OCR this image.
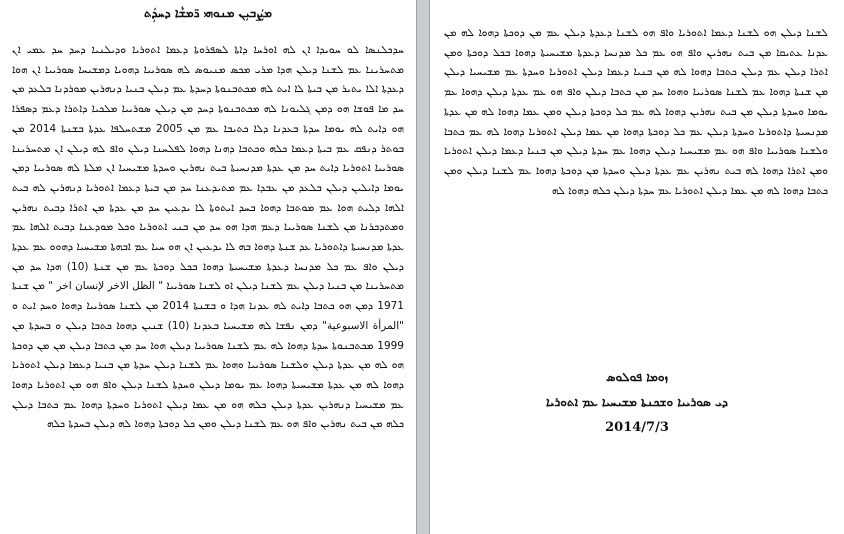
ܡܨܲܒܝܼܢ ܡܢܘܗܝ ܪ̈ܡܫܵܐ ܕܚܕܲܬ

ܚܕܟܠܢܣܐ ܠܘ ܚܘܝܕܐ ܐܢ ܠܗ ܐܘܪܚܐ ܕܐܬܐ ܠܣܦܪܘܬܐ ܕܥܡܐ ܐܬܘܪܝܐ ܘܕܝܠܢܝܐ ܕܚܕ ܚܕ ܥܡܝ ܐܢ ܡܬܚܪܝܢܐ ܥܡ ܠܫܢܐ ܕܝܠܢ ܗܕܐ ܡܪܝ ܡܟܣ ܡܢܝܘܣ ܠܗ ܣܘܪܝܝܐ ܕܗܘܝܐ ܕܡܫܝܚܐ ܣܘܪܝܝܐ ܐܢ ܗܘܐ ܕܥܕܬܐ ܐܠܐ ܝܬܝܪ ܡܢ ܒܝܬܐ ܠܐ ܐܝܬ ܠܗ ܡܟܬܒܢܘܬܐ ܕܚܕܬܐ ܥܡ ܕܝܠܢ ܒܢܝܐ ܕܢܗܪܝܢ ܡܘܪܕܢܐ ܒܠܥܕ ܡܢ ܚܕ ܡܐ ܦܘܫܐ ܗܘ ܕܡܢ ܓܠܝܘܢܐ ܠܗ ܡܟܬܒܢܘܬܐ ܕܚܕ ܡܢ ܕܝܠܢ ܣܘܪܝܝܐ ܡܠܟܝܐ ܕܐܬܪܐ ܕܥܡ ܕܣܦܪܐ ܗܘ ܕܐܝܬ ܠܗ ܝܘܡܐ ܚܕܬܐ ܒܥܕܢܐ ܕܠܐ ܟܬܝܒܐ ܥܡ ܡܢ 2005 ܡܫܬܚܠܦܐ ܥܕܬܐ ܒܫܢܬܐ 2014 ܡܢ ܒܘܬܪ ܕܢܦܩ ܥܡ ܒܝܬܐ ܕܥܡܐ ܟܠܗ ܘܟܬܒܐ ܕܗܢܐ ܕܗܘܐ ܠܦܠܚܢܐ ܕܝܠܢ ܘܐܦ ܠܗ ܕܝܠܢ ܐܢ ܡܬܚܪܝܢܐ ܣܘܪܝܝܐ ܐܬܘܪܝܐ ܕܐܝܬ ܚܕ ܡܢ ܥܕܬܐ ܡܕܢܚܝܬܐ ܒܝܬ ܢܗܪܝܢ ܘܚܕܬܐ ܡܫܝܚܝܐ ܐܢ ܡܠܬܐ ܠܗ ܣܘܪܝܝܐ ܕܡܢ ܝܘܡܐ ܕܐܝܠܝܢ ܕܝܠܢ ܒܠܥܕ ܡܢ ܥܒܕܐ ܥܡ ܡܬܝܕܥܢܐ ܚܕ ܡܢ ܒܝܬܐ ܕܥܡܐ ܐܬܘܪܝܐ ܕܢܗܪܝܢ ܠܗ ܒܝܬ ܐܠܗܐ ܕܠܝܬ ܗܘܐ ܥܡ ܡܘܬܒܐ ܕܗܘܐ ܒܚܕ ܐܝܬܘܬܐ ܠܐ ܝܕܥܝܢ ܚܕ ܡܢ ܥܕܬܐ ܡܢ ܐܬܪܐ ܕܒܝܬ ܢܗܪܝܢ ܘܡܬܕܟܪܢܐ ܡܢ ܠܫܢܐ ܣܘܪܝܝܐ ܕܥܡ ܗܕܐ ܗܘ ܚܕ ܡܢ ܒܢܝ ܐܬܘܪܝܐ ܘܟܠ ܡܘܕܥܢܐ ܕܒܝܬ ܐܠܗܐ ܥܡ ܥܕܬܐ ܡܕܢܚܝܬܐ ܕܐܬܘܪܝܐ ܥܕ ܫܢܬܐ ܕܗܘܐ ܒܗ ܠܐ ܝܕܥܝܢ ܐܢ ܗܘ ܚܝܐ ܥܡ ܐܒܗܬܐ ܡܫܝܚܝܐ ܕܗܘܘ ܥܡ ܥܕܬܐ ܕܝܠܢ ܘܐܦ ܥܡ ܟܠ ܡܕܢܚܐ ܕܥܕܬܐ ܡܫܝܚܝܬܐ ܕܗܘܐ ܒܟܠ ܕܘܟܬܐ ܥܡ ܡܢ ܫܢܬܐ (10) ܗܕܐ ܚܕ ܡܢ ܡܬܚܪܝܢܐ ܡܢ ܒܢܝܐ ܕܝܠܢ ܥܡ ܠܫܢܐ ܕܝܠܢ ܐܘ ܠܫܢܐ ܣܘܪܝܝܐ " الظل الاخر لإنسان اخر " ܡܢ ܫܢܬܐ 1971 ܕܡܢ ܗܘ ܟܬܒܐ ܕܐܝܬ ܠܗ ܥܕܢܐ ܗܕܐ ܘ ܒܫܢܬܐ 2014 ܡܢ ܠܫܢܐ ܣܘܪܝܝܐ ܕܗܘܐ ܘܚܕ ܐܝܬ ܘ "المرأة الاسبوعية" ܕܡܢ ܢܦܫܐ ܠܗ ܡܫܝܚܝܐ ܒܥܕܢܐ (10) ܫܢܝܢ ܕܗܘܐ ܟܬܒܐ ܕܝܠܢ ܘ ܒܚܕܬܐ ܡܢ 1999 ܡܟܬܒܢܘܬܐ ܚܕܬܐ ܕܗܘܐ ܠܗ ܥܡ ܠܫܢܐ ܣܘܪܝܝܐ ܕܝܠܢ ܗܘܐ ܚܕ ܡܢ ܟܬܒܐ ܕܝܠܢ ܡܢ ܡܢ ܕܘܟܬܐ ܗܘ ܠܗ ܡܢ ܥܕܬܐ ܕܝܠܢ ܘܠܫܢܐ ܣܘܪܝܝܐ ܘܗܘܐ ܥܡ ܠܫܢܐ ܕܝܠܢ ܚܕܬܐ ܡܢ ܒܢܝܐ ܕܥܡܐ ܕܝܠܢ ܐܬܘܪܝܐ ܕܗܘܐ ܠܗ ܡܢ ܥܕܬܐ ܡܫܝܚܝܬܐ ܕܗܘܐ ܥܡ ܝܘܡܐ ܕܝܠܢ ܘܚܕܬܐ ܠܫܢܐ ܕܝܠܢ ܘܐܦ ܗܘ ܡܢ ܐܬܘܪܝܐ ܕܗܘܐ ܥܡ ܡܫܝܚܝܐ ܕܢܗܪܝܢ ܥܕܬܐ ܕܝܠܢ ܟܠܗ ܗܘ ܡܢ ܥܡܐ ܕܝܠܢ ܐܬܘܪܝܐ ܘܚܕܬܐ ܕܗܘܐ ܥܡ ܟܬܒܐ ܕܝܠܢ ܟܠܗ ܡܢ ܒܝܬ ܢܗܪܝܢ ܘܐܦ ܗܘ ܥܡ ܠܫܢܐ ܕܝܠܢ ܘܡܢ ܟܠ ܕܘܟܬܐ ܕܗܘܐ ܠܗ ܕܝܠܢ ܒܚܕܬܐ ܟܠܗ

ܠܫܢܐ ܕܝܠܢ ܗܘ ܠܫܢܐ ܕܥܡܐ ܐܬܘܪܝܐ ܘܐܦ ܗܘ ܠܫܢܐ ܕܥܕܬܐ ܕܝܠܢ ܥܡ ܡܢ ܕܘܟܬܐ ܕܗܘܐ ܠܗ ܡܢ ܥܕܢܐ ܥܬܝܩܐ ܡܢ ܒܝܬ ܢܗܪܝܢ ܘܐܦ ܗܘ ܥܡ ܟܠ ܡܕܢܚܐ ܕܥܕܬܐ ܡܫܝܚܝܬܐ ܕܗܘܐ ܒܟܠ ܕܘܟܬܐ ܘܡܢ ܐܬܪܐ ܕܝܠܢ ܥܡ ܕܝܠܢ ܟܬܒܐ ܕܗܘܐ ܠܗ ܡܢ ܒܢܝܐ ܕܥܡܐ ܕܝܠܢ ܐܬܘܪܝܐ ܘܚܕܬܐ ܥܡ ܡܫܝܚܝܐ ܕܝܠܢ ܡܢ ܫܢܬܐ ܕܗܘܐ ܥܡ ܠܫܢܐ ܣܘܪܝܝܐ ܘܗܘܐ ܚܕ ܡܢ ܟܬܒܐ ܕܝܠܢ ܘܐܦ ܗܘ ܥܡ ܥܕܬܐ ܕܝܠܢ ܕܗܘܐ ܥܡ ܝܘܡܐ ܘܚܕܬܐ ܕܝܠܢ ܡܢ ܒܝܬ ܢܗܪܝܢ ܕܗܘܐ ܠܗ ܥܡ ܟܠ ܕܘܟܬܐ ܕܝܠܢ ܘܡܢ ܥܡܐ ܕܗܘܐ ܠܗ ܡܢ ܥܕܬܐ ܡܕܢܚܝܬܐ ܕܐܬܘܪܝܐ ܘܚܕܬܐ ܕܝܠܢ ܥܡ ܟܠ ܕܘܟܬܐ ܕܗܘܐ ܡܢ ܥܡܐ ܕܝܠܢ ܐܬܘܪܝܐ ܕܗܘܐ ܠܗ ܥܡ ܟܬܒܐ ܘܠܫܢܐ ܣܘܪܝܝܐ ܘܐܦ ܗܘ ܥܡ ܡܫܝܚܝܐ ܕܝܠܢ ܕܗܘܐ ܥܡ ܚܕܬܐ ܕܝܠܢ ܡܢ ܒܢܝܐ ܕܥܡܐ ܕܝܠܢ ܐܬܘܪܝܐ ܘܡܢ ܐܬܪܐ ܕܗܘܐ ܠܗ ܒܝܬ ܢܗܪܝܢ ܥܡ ܥܕܬܐ ܕܝܠܢ ܘܚܕܬܐ ܡܢ ܕܘܟܬܐ ܕܗܘܐ ܥܡ ܠܫܢܐ ܕܝܠܢ ܘܡܢ ܟܬܒܐ ܕܗܘܐ ܠܗ ܡܢ ܥܡܐ ܕܝܠܢ ܐܬܘܪܝܐ ܥܡ ܚܕܬܐ ܕܝܠܢ ܟܠܗ ܕܗܘܐ ܠܗ

ܙܘܡܐ ܦܘܠܘܣ
ܕܝ ܣܘܪܝܝܐ ܘܫܟܢܬܐ ܡܫܝܚܝܐ ܥܡ ܐܬܘܪܝܐ
2014/7/3
